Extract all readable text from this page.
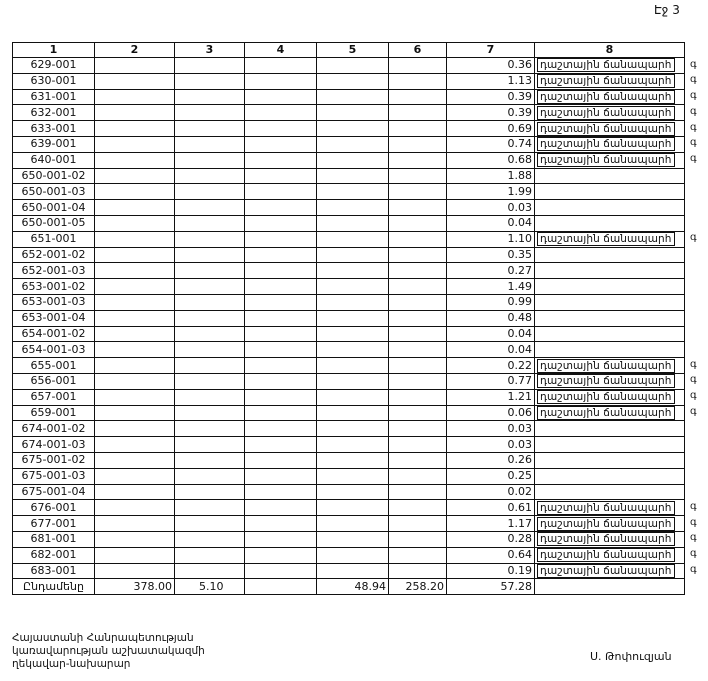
Էջ 3
1	2	3	4	5	6	7	8
629-001						0.36	դաշտային ճանապարհ
630-001						1.13	դաշտային ճանապարհ
631-001						0.39	դաշտային ճանապարհ
632-001						0.39	դաշտային ճանապարհ
633-001						0.69	դաշտային ճանապարհ
639-001						0.74	դաշտային ճանապարհ
640-001						0.68	դաշտային ճանապարհ
650-001-02						1.88	
650-001-03						1.99	
650-001-04						0.03	
650-001-05						0.04	
651-001						1.10	դաշտային ճանապարհ
652-001-02						0.35	
652-001-03						0.27	
653-001-02						1.49	
653-001-03						0.99	
653-001-04						0.48	
654-001-02						0.04	
654-001-03						0.04	
655-001						0.22	դաշտային ճանապարհ
656-001						0.77	դաշտային ճանապարհ
657-001						1.21	դաշտային ճանապարհ
659-001						0.06	դաշտային ճանապարհ
674-001-02						0.03	
674-001-03						0.03	
675-001-02						0.26	
675-001-03						0.25	
675-001-04						0.02	
676-001						0.61	դաշտային ճանապարհ
677-001						1.17	դաշտային ճանապարհ
681-001						0.28	դաշտային ճանապարհ
682-001						0.64	դաշտային ճանապարհ
683-001						0.19	դաշտային ճանապարհ
Ընդամենը	378.00	5.10		48.94	258.20	57.28	
գ
գ
գ
գ
գ
գ
գ
գ
գ
գ
գ
գ
գ
գ
գ
գ
գ
Հայաստանի Հանրապետության
կառավարության աշխատակազմի
ղեկավար-նախարար
Ս. Թոփուզյան
